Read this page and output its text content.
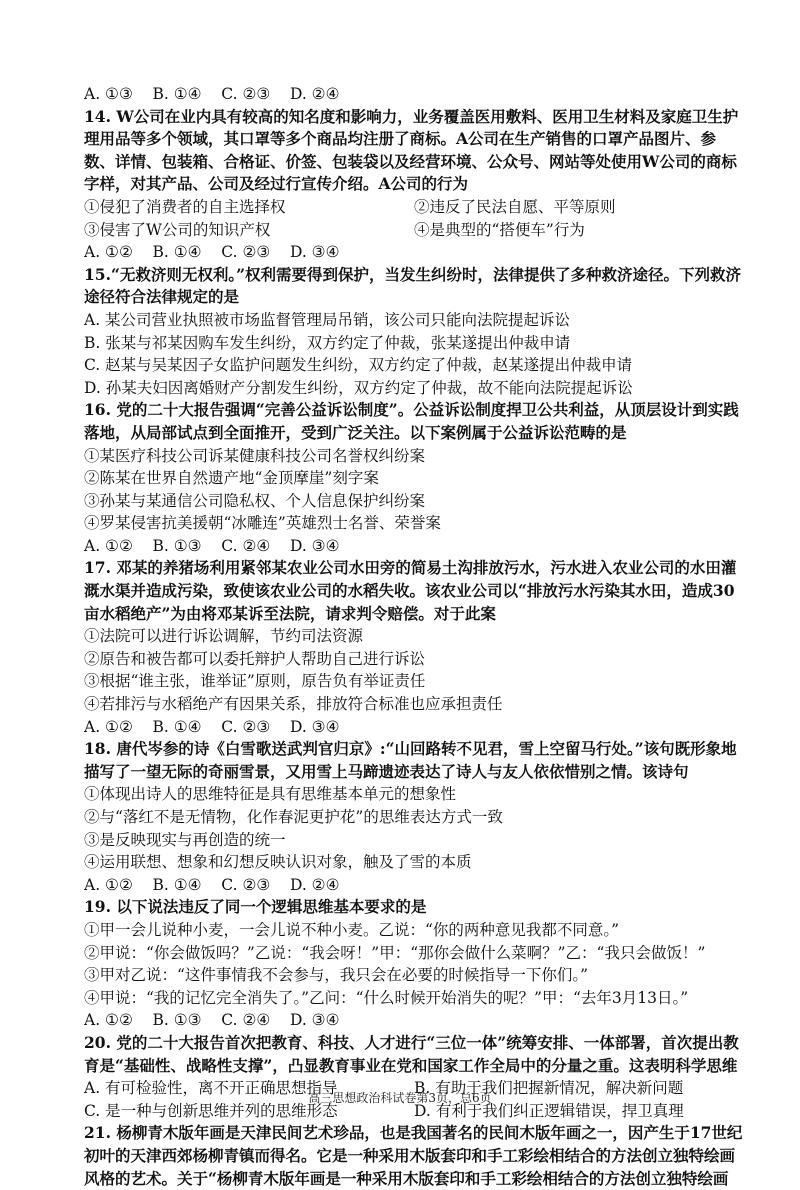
A. ①③    B. ①④    C. ②③    D. ②④
14. W公司在业内具有较高的知名度和影响力，业务覆盖医用敷料、医用卫生材料及家庭卫生护理用品等多个领域，其口罩等多个商品均注册了商标。A公司在生产销售的口罩产品图片、参数、详情、包装箱、合格证、价签、包装袋以及经营环境、公众号、网站等处使用W公司的商标字样，对其产品、公司及经过行宣传介绍。A公司的行为
①侵犯了消费者的自主选择权	②违反了民法自愿、平等原则
③侵害了W公司的知识产权	④是典型的“搭便车”行为
A. ①②    B. ①④    C. ②③    D. ③④
15.“无救济则无权利。”权利需要得到保护，当发生纠纷时，法律提供了多种救济途径。下列救济途径符合法律规定的是
A. 某公司营业执照被市场监督管理局吊销，该公司只能向法院提起诉讼
B. 张某与祁某因购车发生纠纷，双方约定了仲裁，张某遂提出仲裁申请
C. 赵某与吴某因子女监护问题发生纠纷，双方约定了仲裁，赵某遂提出仲裁申请
D. 孙某夫妇因离婚财产分割发生纠纷，双方约定了仲裁，故不能向法院提起诉讼
16. 党的二十大报告强调“完善公益诉讼制度”。公益诉讼制度捍卫公共利益，从顶层设计到实践落地，从局部试点到全面推开，受到广泛关注。以下案例属于公益诉讼范畴的是
①某医疗科技公司诉某健康科技公司名誉权纠纷案
②陈某在世界自然遗产地“金顶摩崖”刻字案
③孙某与某通信公司隐私权、个人信息保护纠纷案
④罗某侵害抗美援朝“冰雕连”英雄烈士名誉、荣誉案
A. ①②    B. ①③    C. ②④    D. ③④
17. 邓某的养猪场利用紧邻某农业公司水田旁的简易土沟排放污水，污水进入农业公司的水田灌溉水渠并造成污染，致使该农业公司的水稻失收。该农业公司以“排放污水污染其水田，造成30亩水稻绝产”为由将邓某诉至法院，请求判令赔偿。对于此案
①法院可以进行诉讼调解，节约司法资源
②原告和被告都可以委托辩护人帮助自己进行诉讼
③根据“谁主张，谁举证”原则，原告负有举证责任
④若排污与水稻绝产有因果关系，排放符合标准也应承担责任
A. ①②    B. ①④    C. ②③    D. ③④
18. 唐代岑参的诗《白雪歌送武判官归京》:“山回路转不见君，雪上空留马行处。”该句既形象地描写了一望无际的奇丽雪景，又用雪上马蹄遗迹表达了诗人与友人依依惜别之情。该诗句
①体现出诗人的思维特征是具有思维基本单元的想象性
②与“落红不是无情物，化作春泥更护花”的思维表达方式一致
③是反映现实与再创造的统一
④运用联想、想象和幻想反映认识对象，触及了雪的本质
A. ①②    B. ①④    C. ②③    D. ②④
19. 以下说法违反了同一个逻辑思维基本要求的是
①甲一会儿说种小麦，一会儿说不种小麦。乙说：“你的两种意见我都不同意。”
②甲说：“你会做饭吗？”乙说：“我会呀！”甲：“那你会做什么菜啊？”乙：“我只会做饭！”
③甲对乙说：“这件事情我不会参与，我只会在必要的时候指导一下你们。”
④甲说：“我的记忆完全消失了。”乙问：“什么时候开始消失的呢？”甲：“去年3月13日。”
A. ①②    B. ①③    C. ②④    D. ③④
20. 党的二十大报告首次把教育、科技、人才进行“三位一体”统筹安排、一体部署，首次提出教育是“基础性、战略性支撑”，凸显教育事业在党和国家工作全局中的分量之重。这表明科学思维
A. 有可检验性，离不开正确思想指导	B. 有助于我们把握新情况，解决新问题
C. 是一种与创新思维并列的思维形态	D. 有利于我们纠正逻辑错误，捍卫真理
21. 杨柳青木版年画是天津民间艺术珍品，也是我国著名的民间木版年画之一，因产生于17世纪初叶的天津西郊杨柳青镇而得名。它是一种采用木版套印和手工彩绘相结合的方法创立独特绘画风格的艺术。关于“杨柳青木版年画是一种采用木版套印和手工彩绘相结合的方法创立独特绘画
高三思想政治科试卷第3页，总6页
